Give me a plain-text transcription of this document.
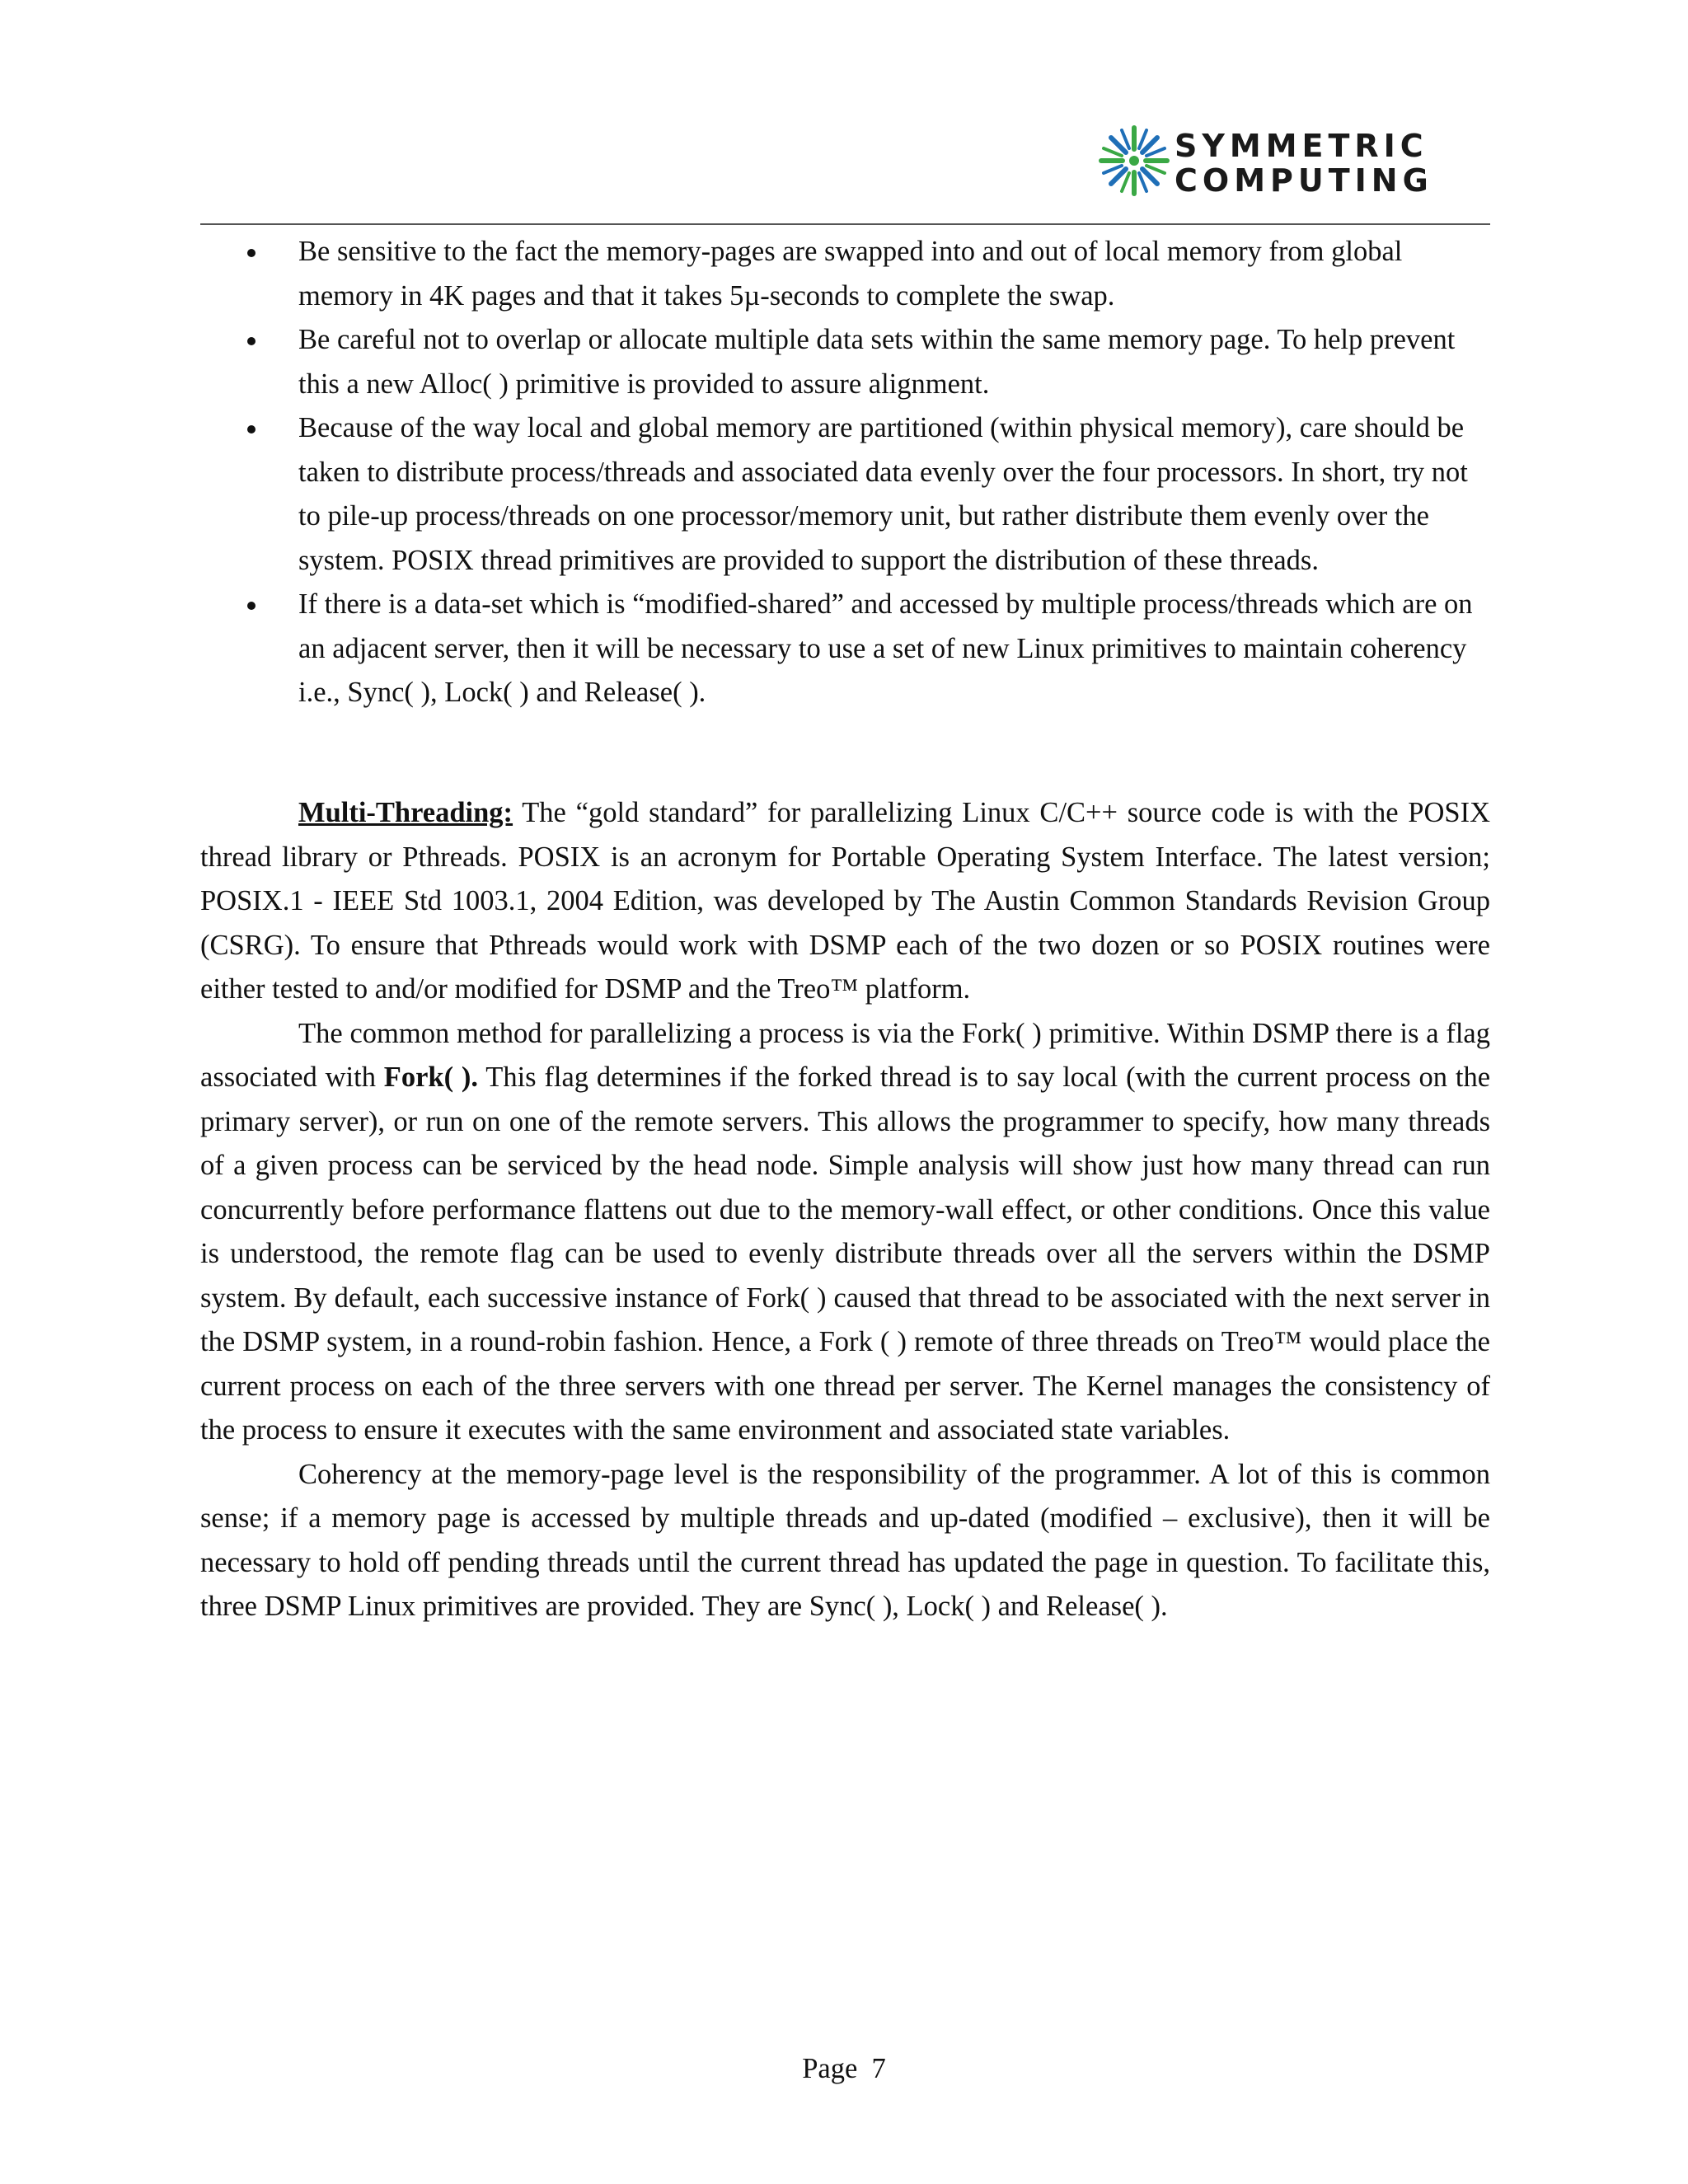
SYMMETRIC
COMPUTING
Be sensitive to the fact the memory-pages are swapped into and out of local memory from global memory in 4K pages and that it takes 5µ-seconds to complete the swap.
Be careful not to overlap or allocate multiple data sets within the same memory page. To help prevent this a new Alloc( ) primitive is provided to assure alignment.
Because of the way local and global memory are partitioned (within physical memory), care should be taken to distribute process/threads and associated data evenly over the four processors. In short, try not to pile-up process/threads on one processor/memory unit, but rather distribute them evenly over the system. POSIX thread primitives are provided to support the distribution of these threads.
If there is a data-set which is “modified-shared” and accessed by multiple process/threads which are on an adjacent server, then it will be necessary to use a set of new Linux primitives to maintain coherency i.e., Sync( ), Lock( ) and Release( ).

Multi-Threading: The “gold standard” for parallelizing Linux C/C++ source code is with the POSIX thread library or Pthreads. POSIX is an acronym for Portable Operating System Interface. The latest version; POSIX.1 - IEEE Std 1003.1, 2004 Edition, was developed by The Austin Common Standards Revision Group (CSRG). To ensure that Pthreads would work with DSMP each of the two dozen or so POSIX routines were either tested to and/or modified for DSMP and the Treo™ platform.

The common method for parallelizing a process is via the Fork( ) primitive. Within DSMP there is a flag associated with Fork( ). This flag determines if the forked thread is to say local (with the current process on the primary server), or run on one of the remote servers. This allows the programmer to specify, how many threads of a given process can be serviced by the head node. Simple analysis will show just how many thread can run concurrently before performance flattens out due to the memory-wall effect, or other conditions. Once this value is understood, the remote flag can be used to evenly distribute threads over all the servers within the DSMP system. By default, each successive instance of Fork( ) caused that thread to be associated with the next server in the DSMP system, in a round-robin fashion. Hence, a Fork ( ) remote of three threads on Treo™ would place the current process on each of the three servers with one thread per server. The Kernel manages the consistency of the process to ensure it executes with the same environment and associated state variables.

Coherency at the memory-page level is the responsibility of the programmer. A lot of this is common sense; if a memory page is accessed by multiple threads and up-dated (modified – exclusive), then it will be necessary to hold off pending threads until the current thread has updated the page in question. To facilitate this, three DSMP Linux primitives are provided. They are Sync( ), Lock( ) and Release( ).

Page  7
